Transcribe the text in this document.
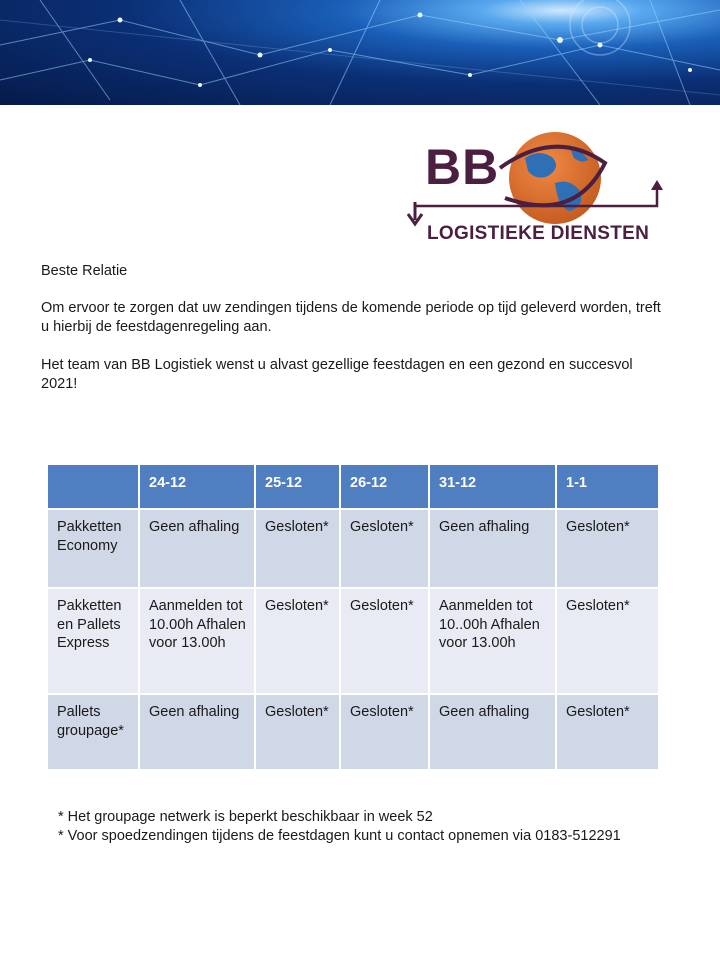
BB
LOGISTIEKE DIENSTEN
Beste Relatie
Om ervoor te zorgen dat uw zendingen tijdens de komende periode op tijd geleverd worden, treft u hierbij de feestdagenregeling aan.
Het team van BB Logistiek wenst u alvast gezellige feestdagen en een gezond en succesvol 2021!
	24-12	25-12	26-12	31-12	1-1
Pakketten Economy	Geen afhaling	Gesloten*	Gesloten*	Geen afhaling	Gesloten*
Pakketten en Pallets Express	Aanmelden tot 10.00h Afhalen voor 13.00h	Gesloten*	Gesloten*	Aanmelden tot 10..00h Afhalen voor 13.00h	Gesloten*
Pallets groupage*	Geen afhaling	Gesloten*	Gesloten*	Geen afhaling	Gesloten*
* Het groupage netwerk is beperkt beschikbaar in week 52
* Voor spoedzendingen tijdens de feestdagen kunt u contact opnemen via 0183-512291
